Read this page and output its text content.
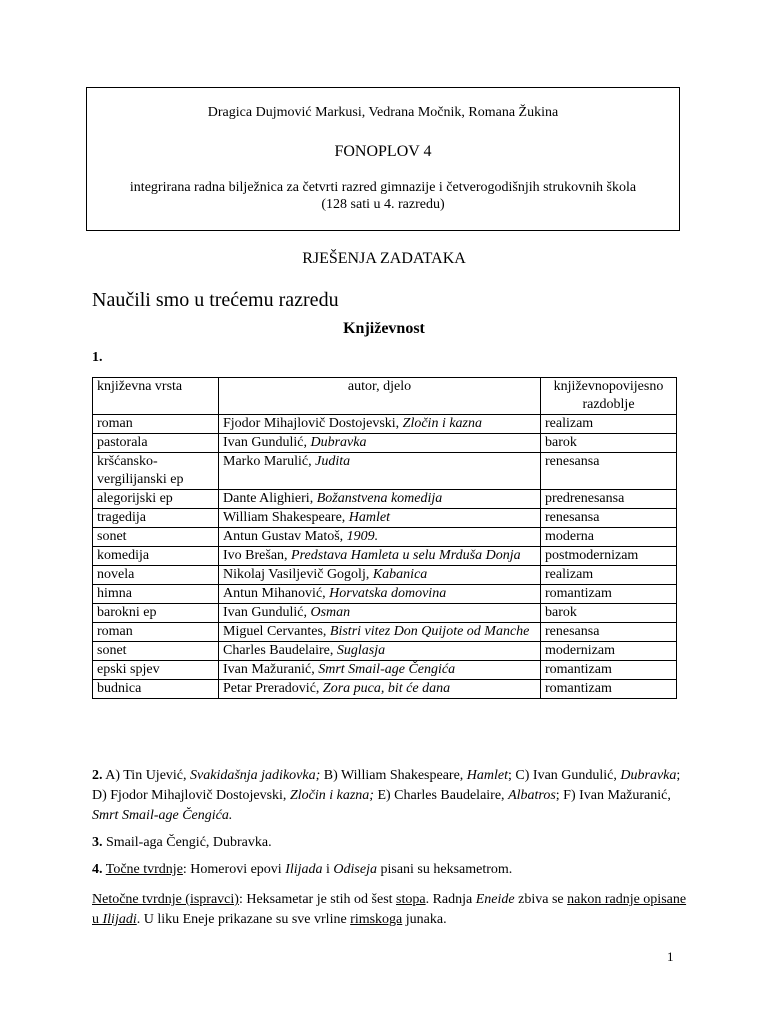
Dragica Dujmović Markusi, Vedrana Močnik, Romana Žukina
FONOPLOV 4
integrirana radna bilježnica za četvrti razred gimnazije i četverogodišnjih strukovnih škola
(128 sati u 4. razredu)
RJEŠENJA ZADATAKA
Naučili smo u trećemu razredu
Književnost
1.
književna vrsta	autor, djelo	književnopovijesno razdoblje
roman	Fjodor Mihajlovič Dostojevski, Zločin i kazna	realizam
pastorala	Ivan Gundulić, Dubravka	barok
kršćansko-vergilijanski ep	Marko Marulić, Judita	renesansa
alegorijski ep	Dante Alighieri, Božanstvena komedija	predrenesansa
tragedija	William Shakespeare, Hamlet	renesansa
sonet	Antun Gustav Matoš, 1909.	moderna
komedija	Ivo Brešan, Predstava Hamleta u selu Mrduša Donja	postmodernizam
novela	Nikolaj Vasiljevič Gogolj, Kabanica	realizam
himna	Antun Mihanović, Horvatska domovina	romantizam
barokni ep	Ivan Gundulić, Osman	barok
roman	Miguel Cervantes, Bistri vitez Don Quijote od Manche	renesansa
sonet	Charles Baudelaire, Suglasja	modernizam
epski spjev	Ivan Mažuranić, Smrt Smail-age Čengića	romantizam
budnica	Petar Preradović, Zora puca, bit će dana	romantizam
2. A) Tin Ujević, Svakidašnja jadikovka; B) William Shakespeare, Hamlet; C) Ivan Gundulić, Dubravka; D) Fjodor Mihajlovič Dostojevski, Zločin i kazna; E) Charles Baudelaire, Albatros; F) Ivan Mažuranić, Smrt Smail-age Čengića.
3. Smail-aga Čengić, Dubravka.
4. Točne tvrdnje: Homerovi epovi Ilijada i Odiseja pisani su heksametrom.
Netočne tvrdnje (ispravci): Heksametar je stih od šest stopa. Radnja Eneide zbiva se nakon radnje opisane u Ilijadi. U liku Eneje prikazane su sve vrline rimskoga junaka.
1
